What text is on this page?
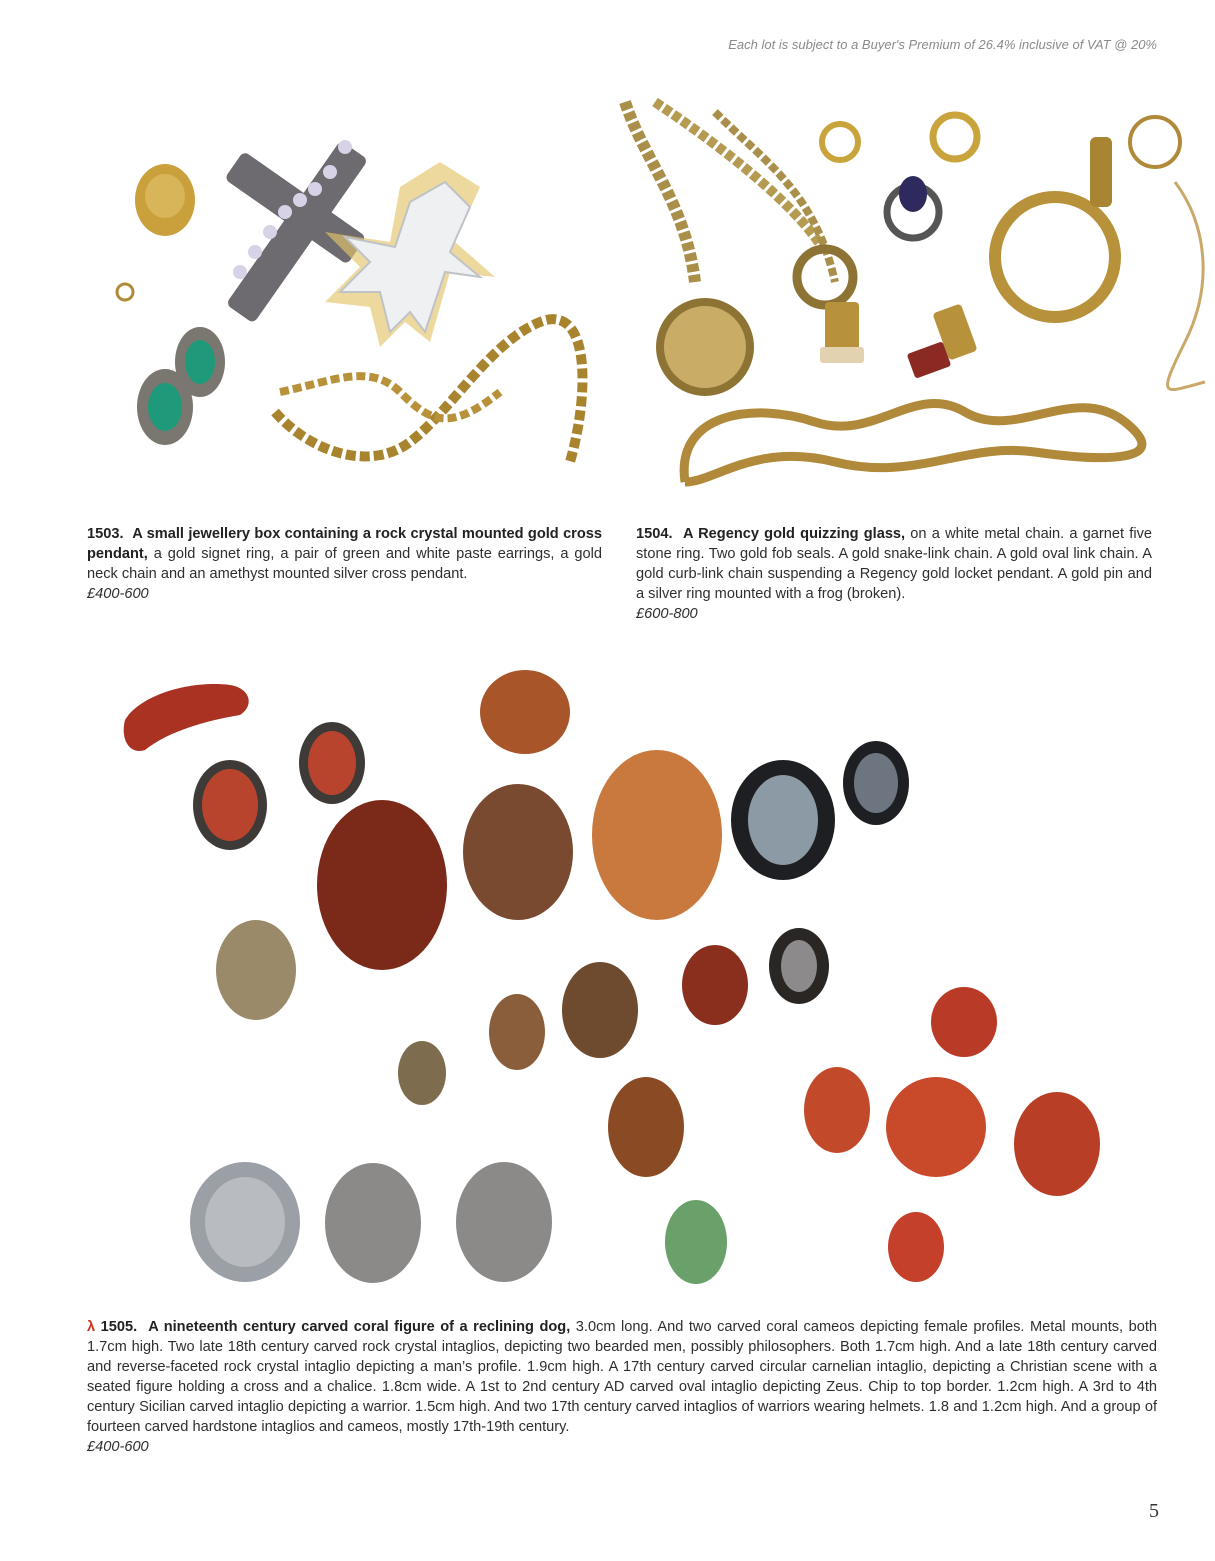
Each lot is subject to a Buyer's Premium of 26.4% inclusive of VAT @ 20%
1503. A small jewellery box containing a rock crystal mounted gold cross pendant, a gold signet ring, a pair of green and white paste earrings, a gold neck chain and an amethyst mounted silver cross pendant.
£400-600
1504. A Regency gold quizzing glass, on a white metal chain. a garnet five stone ring. Two gold fob seals. A gold snake-link chain. A gold oval link chain. A gold curb-link chain suspending a Regency gold locket pendant. A gold pin and a silver ring mounted with a frog (broken).
£600-800
λ 1505. A nineteenth century carved coral figure of a reclining dog, 3.0cm long. And two carved coral cameos depicting female profiles. Metal mounts, both 1.7cm high. Two late 18th century carved rock crystal intaglios, depicting two bearded men, possibly philosophers. Both 1.7cm high. And a late 18th century carved and reverse-faceted rock crystal intaglio depicting a man’s profile. 1.9cm high. A 17th century carved circular carnelian intaglio, depicting a Christian scene with a seated figure holding a cross and a chalice. 1.8cm wide. A 1st to 2nd century AD carved oval intaglio depicting Zeus. Chip to top border. 1.2cm high. A 3rd to 4th century Sicilian carved intaglio depicting a warrior. 1.5cm high. And two 17th century carved intaglios of warriors wearing helmets. 1.8 and 1.2cm high. And a group of fourteen carved hardstone intaglios and cameos, mostly 17th-19th century.
£400-600
5
